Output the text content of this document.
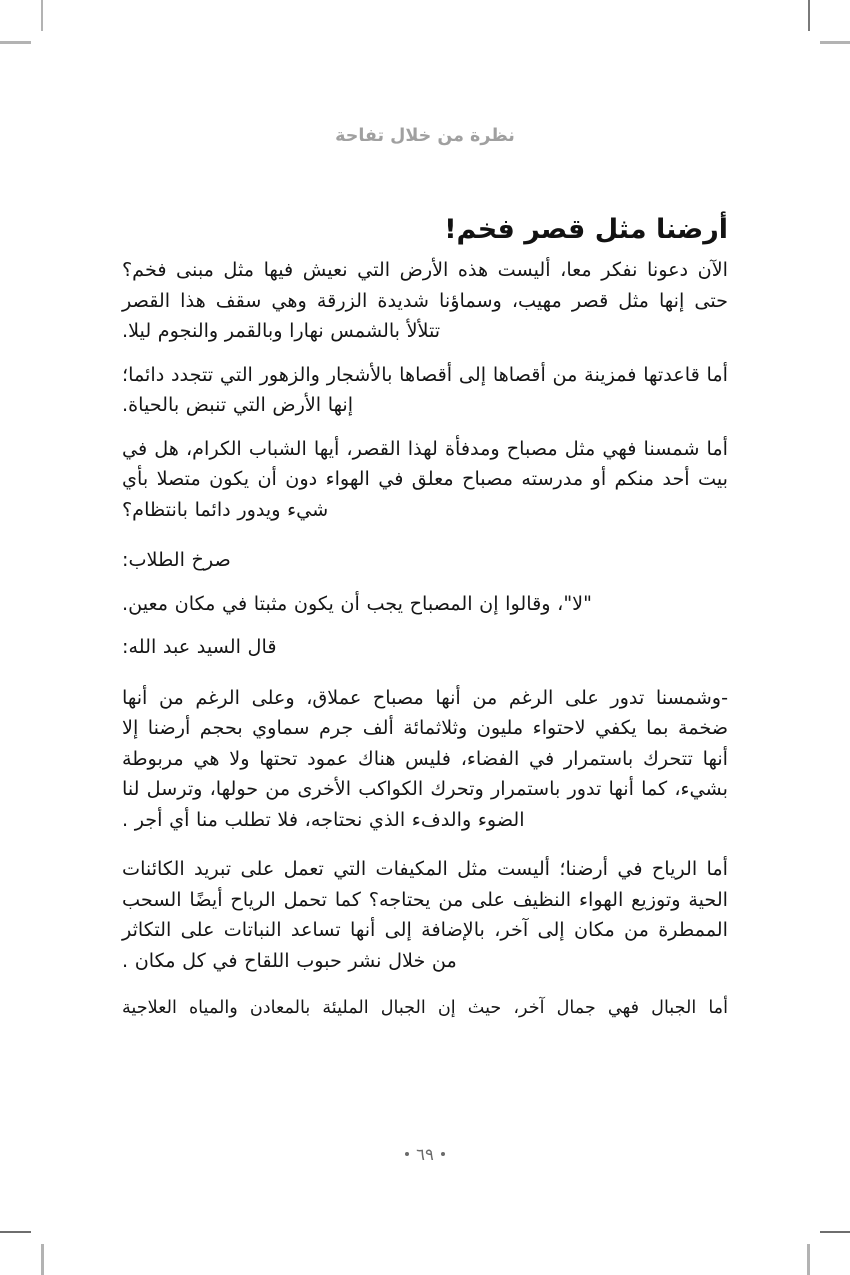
نظرة من خلال تفاحة
أرضنا مثل قصر فخم!

الآن دعونا نفكر معا، أليست هذه الأرض التي نعيش فيها مثل مبنى فخم؟ حتى إنها مثل قصر مهيب، وسماؤنا شديدة الزرقة وهي سقف هذا القصر تتلألأ بالشمس نهارا وبالقمر والنجوم ليلا.

أما قاعدتها فمزينة من أقصاها إلى أقصاها بالأشجار والزهور التي تتجدد دائما؛ إنها الأرض التي تنبض بالحياة.

أما شمسنا فهي مثل مصباح ومدفأة لهذا القصر، أيها الشباب الكرام، هل في بيت أحد منكم أو مدرسته مصباح معلق في الهواء دون أن يكون متصلا بأي شيء ويدور دائما بانتظام؟

صرخ الطلاب:

"لا"، وقالوا إن المصباح يجب أن يكون مثبتا في مكان معين.

قال السيد عبد الله:

-وشمسنا تدور على الرغم من أنها مصباح عملاق، وعلى الرغم من أنها ضخمة بما يكفي لاحتواء مليون وثلاثمائة ألف جرم سماوي بحجم أرضنا إلا أنها تتحرك باستمرار في الفضاء، فليس هناك عمود تحتها ولا هي مربوطة بشيء، كما أنها تدور باستمرار وتحرك الكواكب الأخرى من حولها، وترسل لنا الضوء والدفء الذي نحتاجه، فلا تطلب منا أي أجر .

أما الرياح في أرضنا؛ أليست مثل المكيفات التي تعمل على تبريد الكائنات الحية وتوزيع الهواء النظيف على من يحتاجه؟ كما تحمل الرياح أيضًا السحب الممطرة من مكان إلى آخر، بالإضافة إلى أنها تساعد النباتات على التكاثر من خلال نشر حبوب اللقاح في كل مكان .

أما الجبال فهي جمال آخر، حيث إن الجبال المليئة بالمعادن والمياه العلاجية

٦٩
